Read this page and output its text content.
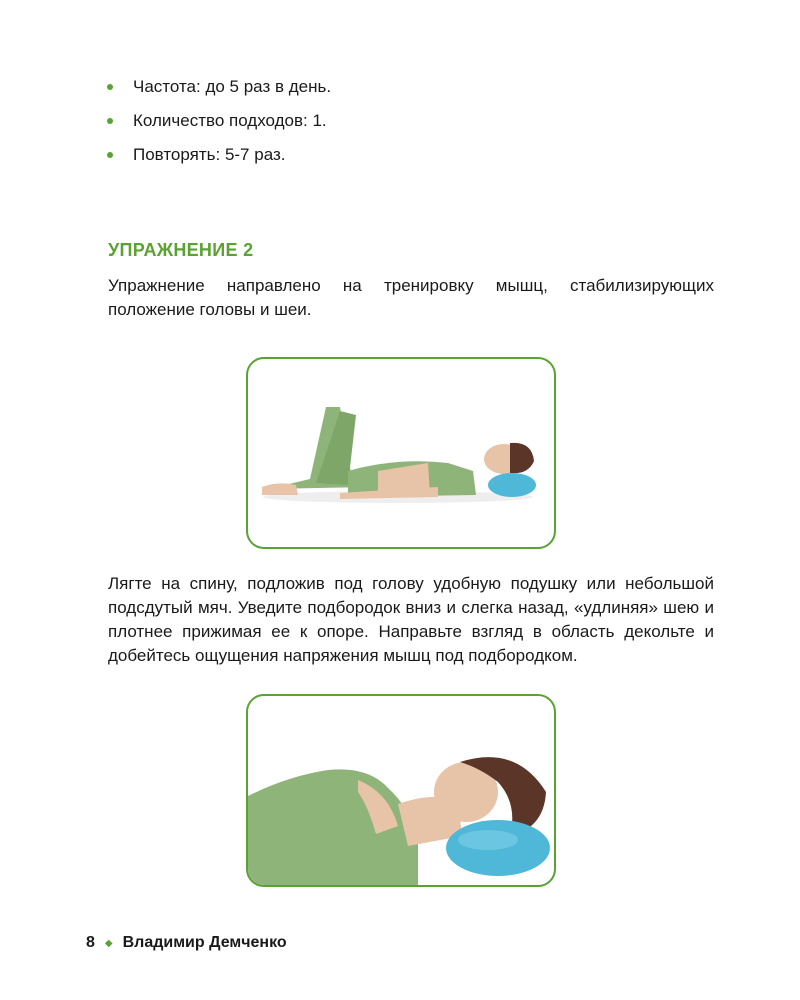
Частота: до 5 раз в день.
Количество подходов: 1.
Повторять: 5-7 раз.
УПРАЖНЕНИЕ 2

Упражнение направлено на тренировку мышц, стабилизирующих положение головы и шеи.

Лягте на спину, подложив под голову удобную подушку или небольшой подсдутый мяч. Уведите подбородок вниз и слегка назад, «удлиняя» шею и плотнее прижимая ее к опоре. Направьте взгляд в область декольте и добейтесь ощущения напряжения мышц под подбородком.

8 ◆ Владимир Демченко
